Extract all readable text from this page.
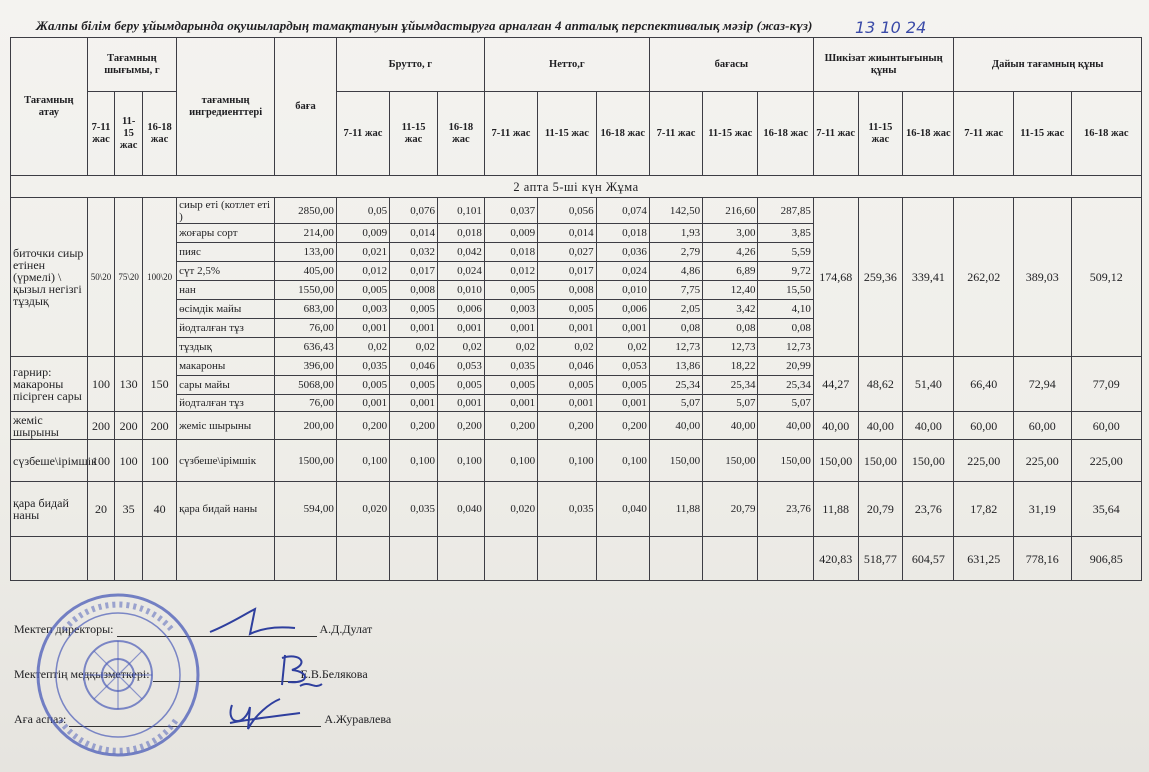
Жалпы білім беру ұйымдарында оқушылардың тамақтануын ұйымдастыруға арналған 4 апталық перспективалық мәзір (жаз-күз)	13 10 24
Тағамның атау	Тағамның шығымы, г			тағамның ингредиенттері	баға	Брутто, г			Нетто,г			бағасы			Шикізат жиынтығының құны			Дайын тағамның құны		
	7-11 жас	11-15 жас	16-18 жас			7-11 жас	11-15 жас	16-18 жас	7-11 жас	11-15 жас	16-18 жас	7-11 жас	11-15 жас	16-18 жас	7-11 жас	11-15 жас	16-18 жас	7-11 жас	11-15 жас	16-18 жас
2 апта 5-ші күн Жұма																				
биточки сиыр етінен (үрмелі) \ қызыл негізгі тұздық	50\20	75\20	100\20	сиыр еті (котлет еті )	2850,00	0,05	0,076	0,101	0,037	0,056	0,074	142,50	216,60	287,85	174,68	259,36	339,41	262,02	389,03	509,12
				жоғары сорт	214,00	0,009	0,014	0,018	0,009	0,014	0,018	1,93	3,00	3,85						
				пияс	133,00	0,021	0,032	0,042	0,018	0,027	0,036	2,79	4,26	5,59						
				сүт 2,5%	405,00	0,012	0,017	0,024	0,012	0,017	0,024	4,86	6,89	9,72						
				нан	1550,00	0,005	0,008	0,010	0,005	0,008	0,010	7,75	12,40	15,50						
				өсімдік майы	683,00	0,003	0,005	0,006	0,003	0,005	0,006	2,05	3,42	4,10						
				йодталған тұз	76,00	0,001	0,001	0,001	0,001	0,001	0,001	0,08	0,08	0,08						
				тұздық	636,43	0,02	0,02	0,02	0,02	0,02	0,02	12,73	12,73	12,73						
гарнир: макароны пісірген сары	100	130	150	макароны	396,00	0,035	0,046	0,053	0,035	0,046	0,053	13,86	18,22	20,99	44,27	48,62	51,40	66,40	72,94	77,09
				сары майы	5068,00	0,005	0,005	0,005	0,005	0,005	0,005	25,34	25,34	25,34						
				йодталған тұз	76,00	0,001	0,001	0,001	0,001	0,001	0,001	5,07	5,07	5,07						
жеміс шырыны	200	200	200	жеміс шырыны	200,00	0,200	0,200	0,200	0,200	0,200	0,200	40,00	40,00	40,00	40,00	40,00	40,00	60,00	60,00	60,00
сүзбеше\ірімшік	100	100	100	сүзбеше\ірімшік	1500,00	0,100	0,100	0,100	0,100	0,100	0,100	150,00	150,00	150,00	150,00	150,00	150,00	225,00	225,00	225,00
қара бидай наны	20	35	40	қара бидай наны	594,00	0,020	0,035	0,040	0,020	0,035	0,040	11,88	20,79	23,76	11,88	20,79	23,76	17,82	31,19	35,64
															420,83	518,77	604,57	631,25	778,16	906,85
Мектеп директоры:	А.Д.Дулат
Мектептің медқызметкері:	Е.В.Белякова
Аға аспаз:	А.Журавлева
